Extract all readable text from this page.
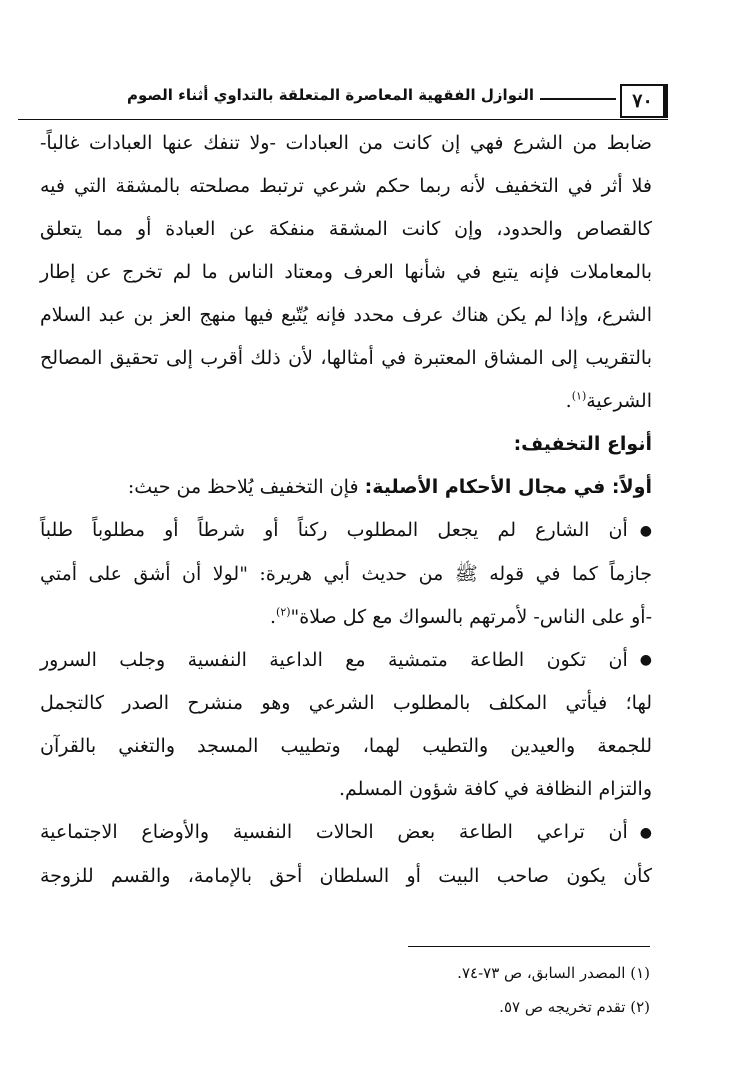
٧٠
النوازل الفقهية المعاصرة المتعلقة بالتداوي أثناء الصوم
ضابط من الشرع فهي إن كانت من العبادات -ولا تنفك عنها العبادات غالباً-
فلا أثر في التخفيف لأنه ربما حكم شرعي ترتبط مصلحته بالمشقة التي فيه
كالقصاص والحدود، وإن كانت المشقة منفكة عن العبادة أو مما يتعلق
بالمعاملات فإنه يتبع في شأنها العرف ومعتاد الناس ما لم تخرج عن إطار
الشرع، وإذا لم يكن هناك عرف محدد فإنه يُتّبع فيها منهج العز بن عبد السلام
بالتقريب إلى المشاق المعتبرة في أمثالها، لأن ذلك أقرب إلى تحقيق المصالح
الشرعية$^{(١)}$.
أنواع التخفيف:
أولاً: في مجال الأحكام الأصلية: فإن التخفيف يُلاحظ من حيث:
●أن الشارع لم يجعل المطلوب ركناً أو شرطاً أو مطلوباً طلباً
جازماً كما في قوله ﷺ من حديث أبي هريرة: "لولا أن أشق على أمتي
-أو على الناس- لأمرتهم بالسواك مع كل صلاة"$^{(٢)}$.
●أن تكون الطاعة متمشية مع الداعية النفسية وجلب السرور
لها؛ فيأتي المكلف بالمطلوب الشرعي وهو منشرح الصدر كالتجمل
للجمعة والعيدين والتطيب لهما، وتطييب المسجد والتغني بالقرآن
والتزام النظافة في كافة شؤون المسلم.
●أن تراعي الطاعة بعض الحالات النفسية والأوضاع الاجتماعية
كأن يكون صاحب البيت أو السلطان أحق بالإمامة، والقسم للزوجة
(١) المصدر السابق، ص ٧٣-٧٤.
(٢) تقدم تخريجه ص ٥٧.
